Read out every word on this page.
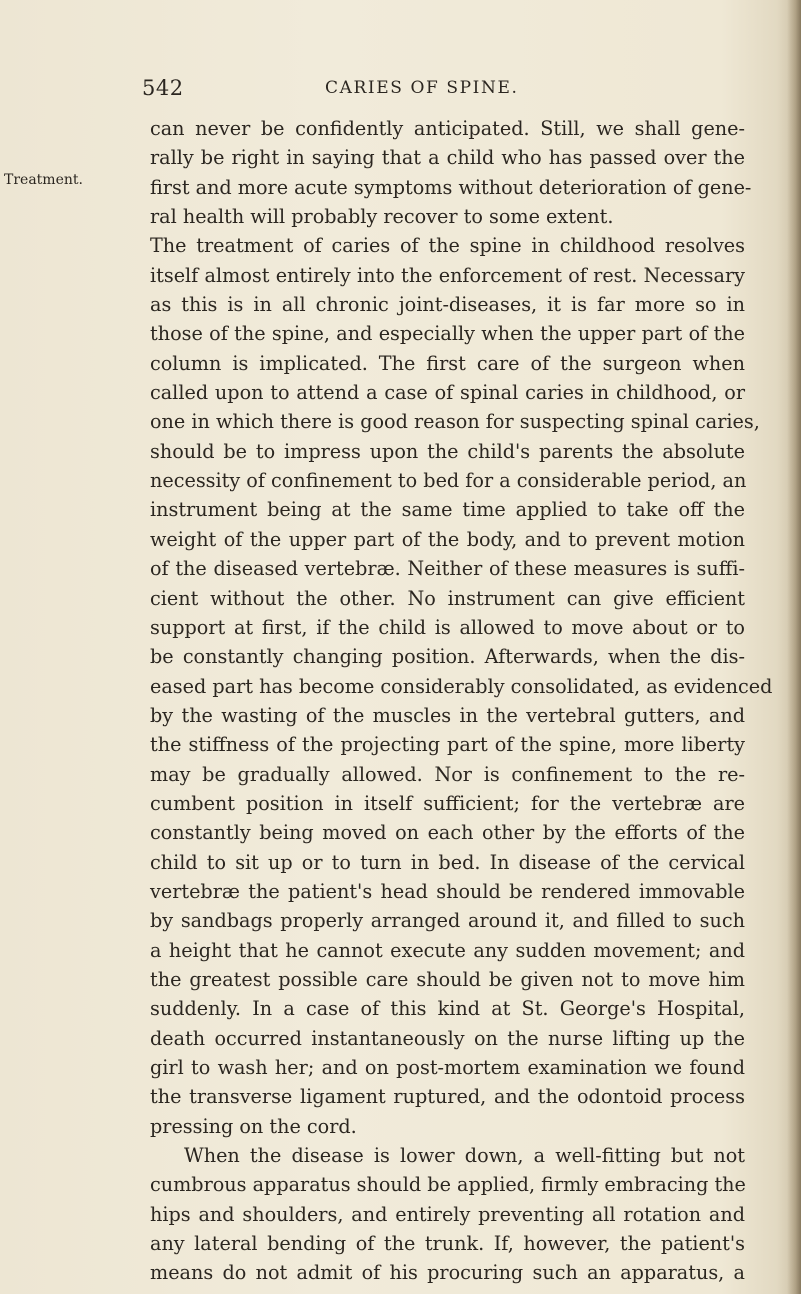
542	CARIES OF SPINE.
Treatment.
can never be confidently anticipated. Still, we shall gene-
rally be right in saying that a child who has passed over the
first and more acute symptoms without deterioration of gene-
ral health will probably recover to some extent.
The treatment of caries of the spine in childhood resolves
itself almost entirely into the enforcement of rest. Necessary
as this is in all chronic joint-diseases, it is far more so in
those of the spine, and especially when the upper part of the
column is implicated. The first care of the surgeon when
called upon to attend a case of spinal caries in childhood, or
one in which there is good reason for suspecting spinal caries,
should be to impress upon the child's parents the absolute
necessity of confinement to bed for a considerable period, an
instrument being at the same time applied to take off the
weight of the upper part of the body, and to prevent motion
of the diseased vertebræ. Neither of these measures is suffi-
cient without the other. No instrument can give efficient
support at first, if the child is allowed to move about or to
be constantly changing position. Afterwards, when the dis-
eased part has become considerably consolidated, as evidenced
by the wasting of the muscles in the vertebral gutters, and
the stiffness of the projecting part of the spine, more liberty
may be gradually allowed. Nor is confinement to the re-
cumbent position in itself sufficient; for the vertebræ are
constantly being moved on each other by the efforts of the
child to sit up or to turn in bed. In disease of the cervical
vertebræ the patient's head should be rendered immovable
by sandbags properly arranged around it, and filled to such
a height that he cannot execute any sudden movement; and
the greatest possible care should be given not to move him
suddenly. In a case of this kind at St. George's Hospital,
death occurred instantaneously on the nurse lifting up the
girl to wash her; and on post-mortem examination we found
the transverse ligament ruptured, and the odontoid process
pressing on the cord.
When the disease is lower down, a well-fitting but not
cumbrous apparatus should be applied, firmly embracing the
hips and shoulders, and entirely preventing all rotation and
any lateral bending of the trunk. If, however, the patient's
means do not admit of his procuring such an apparatus, a
